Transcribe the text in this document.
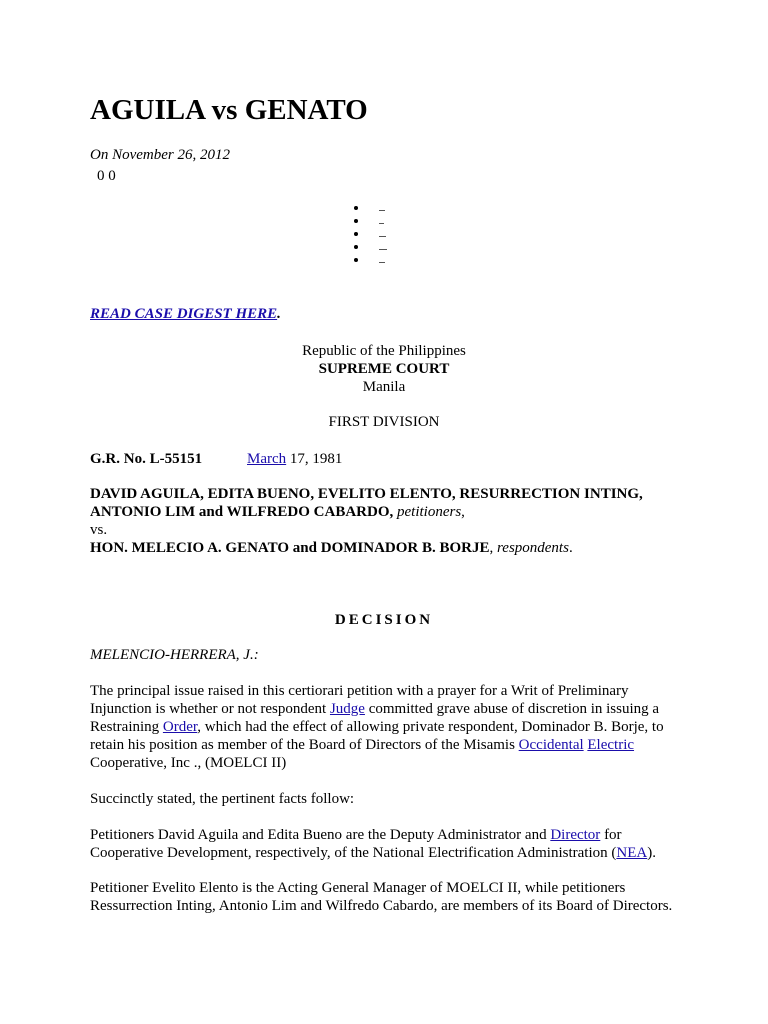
AGUILA vs GENATO
On November 26, 2012
0 0
READ CASE DIGEST HERE.
Republic of the Philippines
SUPREME COURT
Manila
FIRST DIVISION
G.R. No. L-55151	March 17, 1981
DAVID AGUILA, EDITA BUENO, EVELITO ELENTO, RESURRECTION INTING, ANTONIO LIM and WILFREDO CABARDO, petitioners,
vs.
HON. MELECIO A. GENATO and DOMINADOR B. BORJE, respondents.
DECISION
MELENCIO-HERRERA, J.:
The principal issue raised in this certiorari petition with a prayer for a Writ of Preliminary Injunction is whether or not respondent Judge committed grave abuse of discretion in issuing a Restraining Order, which had the effect of allowing private respondent, Dominador B. Borje, to retain his position as member of the Board of Directors of the Misamis Occidental Electric Cooperative, Inc ., (MOELCI II)
Succinctly stated, the pertinent facts follow:
Petitioners David Aguila and Edita Bueno are the Deputy Administrator and Director for Cooperative Development, respectively, of the National Electrification Administration (NEA).
Petitioner Evelito Elento is the Acting General Manager of MOELCI II, while petitioners Ressurrection Inting, Antonio Lim and Wilfredo Cabardo, are members of its Board of Directors.
